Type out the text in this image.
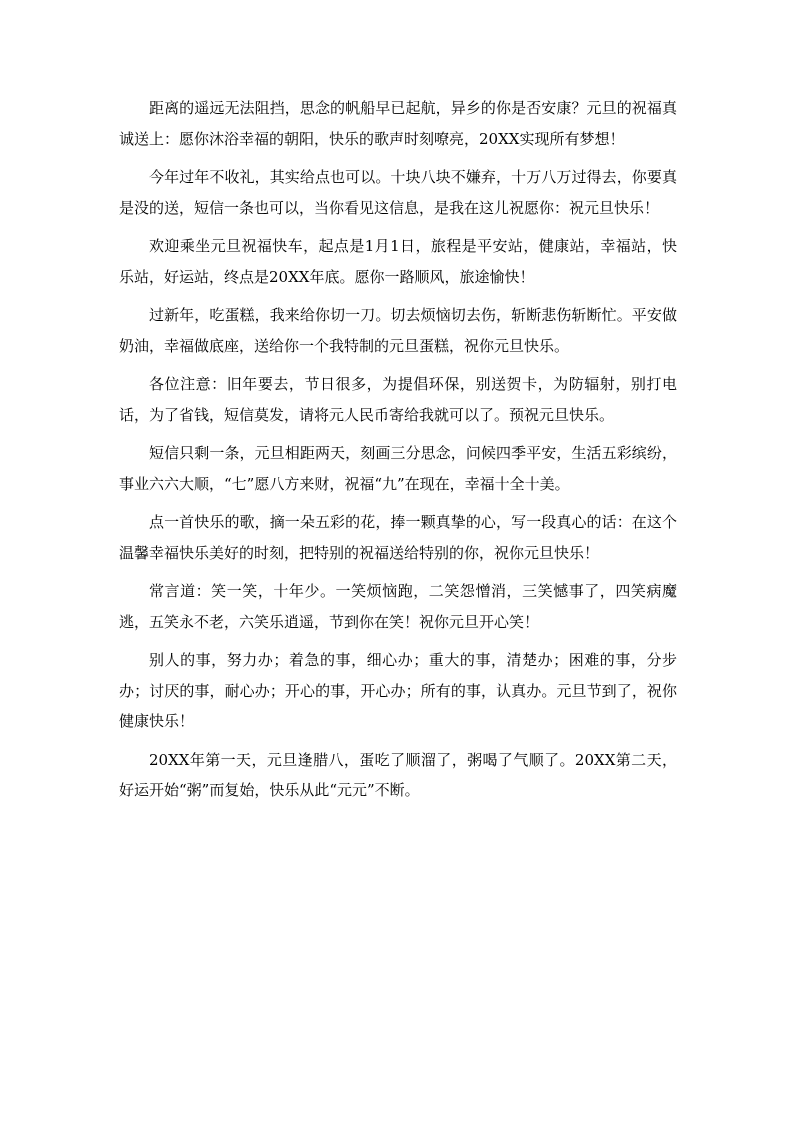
距离的遥远无法阻挡，思念的帆船早已起航，异乡的你是否安康？元旦的祝福真诚送上：愿你沐浴幸福的朝阳，快乐的歌声时刻嘹亮，20XX实现所有梦想！

今年过年不收礼，其实给点也可以。十块八块不嫌弃，十万八万过得去，你要真是没的送，短信一条也可以，当你看见这信息，是我在这儿祝愿你：祝元旦快乐！

欢迎乘坐元旦祝福快车，起点是1月1日，旅程是平安站，健康站，幸福站，快乐站，好运站，终点是20XX年底。愿你一路顺风，旅途愉快！

过新年，吃蛋糕，我来给你切一刀。切去烦恼切去伤，斩断悲伤斩断忙。平安做奶油，幸福做底座，送给你一个我特制的元旦蛋糕，祝你元旦快乐。

各位注意：旧年要去，节日很多，为提倡环保，别送贺卡，为防辐射，别打电话，为了省钱，短信莫发，请将元人民币寄给我就可以了。预祝元旦快乐。

短信只剩一条，元旦相距两天，刻画三分思念，问候四季平安，生活五彩缤纷，事业六六大顺，“七”愿八方来财，祝福“九”在现在，幸福十全十美。

点一首快乐的歌，摘一朵五彩的花，捧一颗真挚的心，写一段真心的话：在这个温馨幸福快乐美好的时刻，把特别的祝福送给特别的你，祝你元旦快乐！

常言道：笑一笑，十年少。一笑烦恼跑，二笑怨憎消，三笑憾事了，四笑病魔逃，五笑永不老，六笑乐逍遥，节到你在笑！祝你元旦开心笑！

别人的事，努力办；着急的事，细心办；重大的事，清楚办；困难的事，分步办；讨厌的事，耐心办；开心的事，开心办；所有的事，认真办。元旦节到了，祝你健康快乐！

20XX年第一天，元旦逢腊八，蛋吃了顺溜了，粥喝了气顺了。20XX第二天，好运开始“粥”而复始，快乐从此“元元”不断。
